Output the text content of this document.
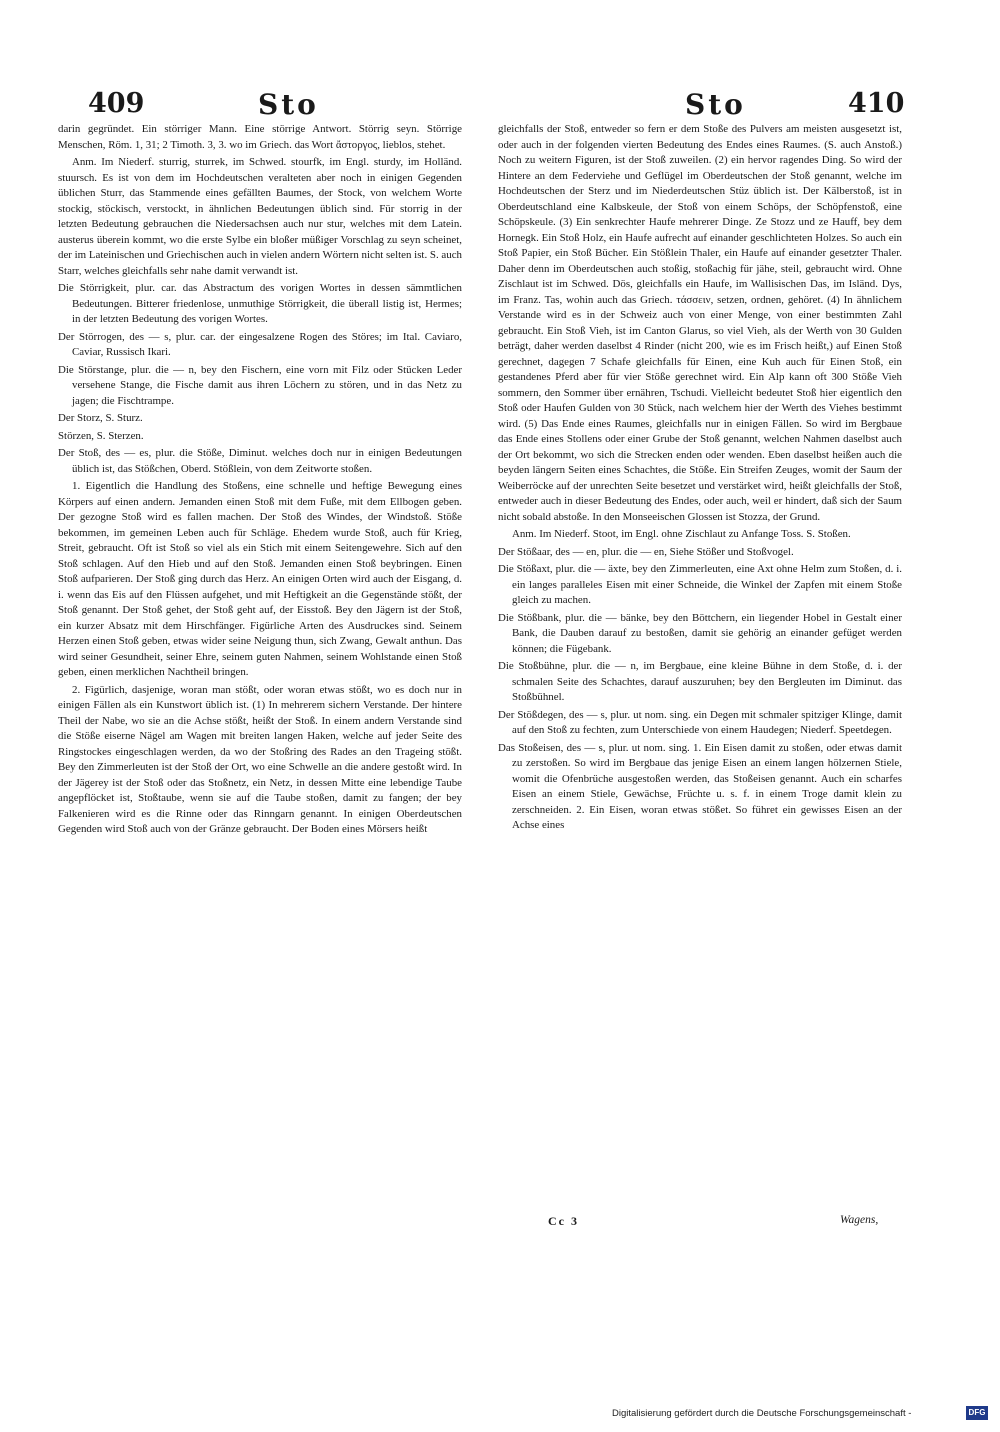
409	Sto	Sto	410

darin gegründet. Ein störriger Mann. Eine störrige Antwort. Störrig seyn. Störrige Menschen, Röm. 1, 31; 2 Timoth. 3, 3. wo im Griech. das Wort ἄστοργος, lieblos, stehet.

Anm. Im Niederf. sturrig, sturrek, im Schwed. stourfk, im Engl. sturdy, im Holländ. stuursch. Es ist von dem im Hochdeutschen veralteten aber noch in einigen Gegenden üblichen Sturr, das Stammende eines gefällten Baumes, der Stock, von welchem Worte stockig, stöckisch, verstockt, in ähnlichen Bedeutungen üblich sind. Für storrig in der letzten Bedeutung gebrauchen die Niedersachsen auch nur stur, welches mit dem Latein. austerus überein kommt, wo die erste Sylbe ein bloßer müßiger Vorschlag zu seyn scheinet, der im Lateinischen und Griechischen auch in vielen andern Wörtern nicht selten ist. S. auch Starr, welches gleichfalls sehr nahe damit verwandt ist.

Die Störrigkeit, plur. car. das Abstractum des vorigen Wortes in dessen sämmtlichen Bedeutungen. Bitterer friedenlose, unmuthige Störrigkeit, die überall listig ist, Hermes; in der letzten Bedeutung des vorigen Wortes.

Der Störrogen, des — s, plur. car. der eingesalzene Rogen des Störes; im Ital. Caviaro, Caviar, Russisch Ikari.

Die Störstange, plur. die — n, bey den Fischern, eine vorn mit Filz oder Stücken Leder versehene Stange, die Fische damit aus ihren Löchern zu stören, und in das Netz zu jagen; die Fischtrampe.

Der Storz, S. Sturz.

Störzen, S. Sterzen.

Der Stoß, des — es, plur. die Stöße, Diminut. welches doch nur in einigen Bedeutungen üblich ist, das Stößchen, Oberd. Stößlein, von dem Zeitworte stoßen.

1. Eigentlich die Handlung des Stoßens, eine schnelle und heftige Bewegung eines Körpers auf einen andern. Jemanden einen Stoß mit dem Fuße, mit dem Ellbogen geben. Der gezogne Stoß wird es fallen machen. Der Stoß des Windes, der Windstoß. Stöße bekommen, im gemeinen Leben auch für Schläge. Ehedem wurde Stoß, auch für Krieg, Streit, gebraucht. Oft ist Stoß so viel als ein Stich mit einem Seitengewehre. Sich auf den Stoß schlagen. Auf den Hieb und auf den Stoß. Jemanden einen Stoß beybringen. Einen Stoß aufparieren. Der Stoß ging durch das Herz. An einigen Orten wird auch der Eisgang, d. i. wenn das Eis auf den Flüssen aufgehet, und mit Heftigkeit an die Gegenstände stößt, der Stoß genannt. Der Stoß gehet, der Stoß geht auf, der Eisstoß. Bey den Jägern ist der Stoß, ein kurzer Absatz mit dem Hirschfänger. Figürliche Arten des Ausdruckes sind. Seinem Herzen einen Stoß geben, etwas wider seine Neigung thun, sich Zwang, Gewalt anthun. Das wird seiner Gesundheit, seiner Ehre, seinem guten Nahmen, seinem Wohlstande einen Stoß geben, einen merklichen Nachtheil bringen.

2. Figürlich, dasjenige, woran man stößt, oder woran etwas stößt, wo es doch nur in einigen Fällen als ein Kunstwort üblich ist. (1) In mehrerem sichern Verstande. Der hintere Theil der Nabe, wo sie an die Achse stößt, heißt der Stoß. In einem andern Verstande sind die Stöße eiserne Nägel am Wagen mit breiten langen Haken, welche auf jeder Seite des Ringstockes eingeschlagen werden, da wo der Stoßring des Rades an den Trageing stößt. Bey den Zimmerleuten ist der Stoß der Ort, wo eine Schwelle an die andere gestoßt wird. In der Jägerey ist der Stoß oder das Stoßnetz, ein Netz, in dessen Mitte eine lebendige Taube angepflöcket ist, Stoßtaube, wenn sie auf die Taube stoßen, damit zu fangen; der bey Falkenieren wird es die Rinne oder das Rinngarn genannt. In einigen Oberdeutschen Gegenden wird Stoß auch von der Gränze gebraucht. Der Boden eines Mörsers heißt

gleichfalls der Stoß, entweder so fern er dem Stoße des Pulvers am meisten ausgesetzt ist, oder auch in der folgenden vierten Bedeutung des Endes eines Raumes. (S. auch Anstoß.) Noch zu weitern Figuren, ist der Stoß zuweilen. (2) ein hervor ragendes Ding. So wird der Hintere an dem Federviehe und Geflügel im Oberdeutschen der Stoß genannt, welche im Hochdeutschen der Sterz und im Niederdeutschen Stüz üblich ist. Der Kälberstoß, ist in Oberdeutschland eine Kalbskeule, der Stoß von einem Schöps, der Schöpfenstoß, eine Schöpskeule. (3) Ein senkrechter Haufe mehrerer Dinge. Ze Stozz und ze Hauff, bey dem Hornegk. Ein Stoß Holz, ein Haufe aufrecht auf einander geschlichteten Holzes. So auch ein Stoß Papier, ein Stoß Bücher. Ein Stößlein Thaler, ein Haufe auf einander gesetzter Thaler. Daher denn im Oberdeutschen auch stoßig, stoßachig für jähe, steil, gebraucht wird. Ohne Zischlaut ist im Schwed. Dös, gleichfalls ein Haufe, im Wallisischen Das, im Isländ. Dys, im Franz. Tas, wohin auch das Griech. τάσσειν, setzen, ordnen, gehöret. (4) In ähnlichem Verstande wird es in der Schweiz auch von einer Menge, von einer bestimmten Zahl gebraucht. Ein Stoß Vieh, ist im Canton Glarus, so viel Vieh, als der Werth von 30 Gulden beträgt, daher werden daselbst 4 Rinder (nicht 200, wie es im Frisch heißt,) auf Einen Stoß gerechnet, dagegen 7 Schafe gleichfalls für Einen, eine Kuh auch für Einen Stoß, ein gestandenes Pferd aber für vier Stöße gerechnet wird. Ein Alp kann oft 300 Stöße Vieh sommern, den Sommer über ernähren, Tschudi. Vielleicht bedeutet Stoß hier eigentlich den Stoß oder Haufen Gulden von 30 Stück, nach welchem hier der Werth des Viehes bestimmt wird. (5) Das Ende eines Raumes, gleichfalls nur in einigen Fällen. So wird im Bergbaue das Ende eines Stollens oder einer Grube der Stoß genannt, welchen Nahmen daselbst auch der Ort bekommt, wo sich die Strecken enden oder wenden. Eben daselbst heißen auch die beyden längern Seiten eines Schachtes, die Stöße. Ein Streifen Zeuges, womit der Saum der Weiberröcke auf der unrechten Seite besetzet und verstärket wird, heißt gleichfalls der Stoß, entweder auch in dieser Bedeutung des Endes, oder auch, weil er hindert, daß sich der Saum nicht sobald abstoße. In den Monseeischen Glossen ist Stozza, der Grund.

Anm. Im Niederf. Stoot, im Engl. ohne Zischlaut zu Anfange Toss. S. Stoßen.

Der Stößaar, des — en, plur. die — en, Siehe Stößer und Stoßvogel.

Die Stößaxt, plur. die — äxte, bey den Zimmerleuten, eine Axt ohne Helm zum Stoßen, d. i. ein langes paralleles Eisen mit einer Schneide, die Winkel der Zapfen mit einem Stoße gleich zu machen.

Die Stößbank, plur. die — bänke, bey den Böttchern, ein liegender Hobel in Gestalt einer Bank, die Dauben darauf zu bestoßen, damit sie gehörig an einander gefüget werden können; die Fügebank.

Die Stoßbühne, plur. die — n, im Bergbaue, eine kleine Bühne in dem Stoße, d. i. der schmalen Seite des Schachtes, darauf auszuruhen; bey den Bergleuten im Diminut. das Stoßbühnel.

Der Stößdegen, des — s, plur. ut nom. sing. ein Degen mit schmaler spitziger Klinge, damit auf den Stoß zu fechten, zum Unterschiede von einem Haudegen; Niederf. Speetdegen.

Das Stoßeisen, des — s, plur. ut nom. sing. 1. Ein Eisen damit zu stoßen, oder etwas damit zu zerstoßen. So wird im Bergbaue das jenige Eisen an einem langen hölzernen Stiele, womit die Ofenbrüche ausgestoßen werden, das Stoßeisen genannt. Auch ein scharfes Eisen an einem Stiele, Gewächse, Früchte u. s. f. in einem Troge damit klein zu zerschneiden. 2. Ein Eisen, woran etwas stößet. So führet ein gewisses Eisen an der Achse eines

Cc 3	Wagens,
Digitalisierung gefördert durch die Deutsche Forschungsgemeinschaft -	DFG
